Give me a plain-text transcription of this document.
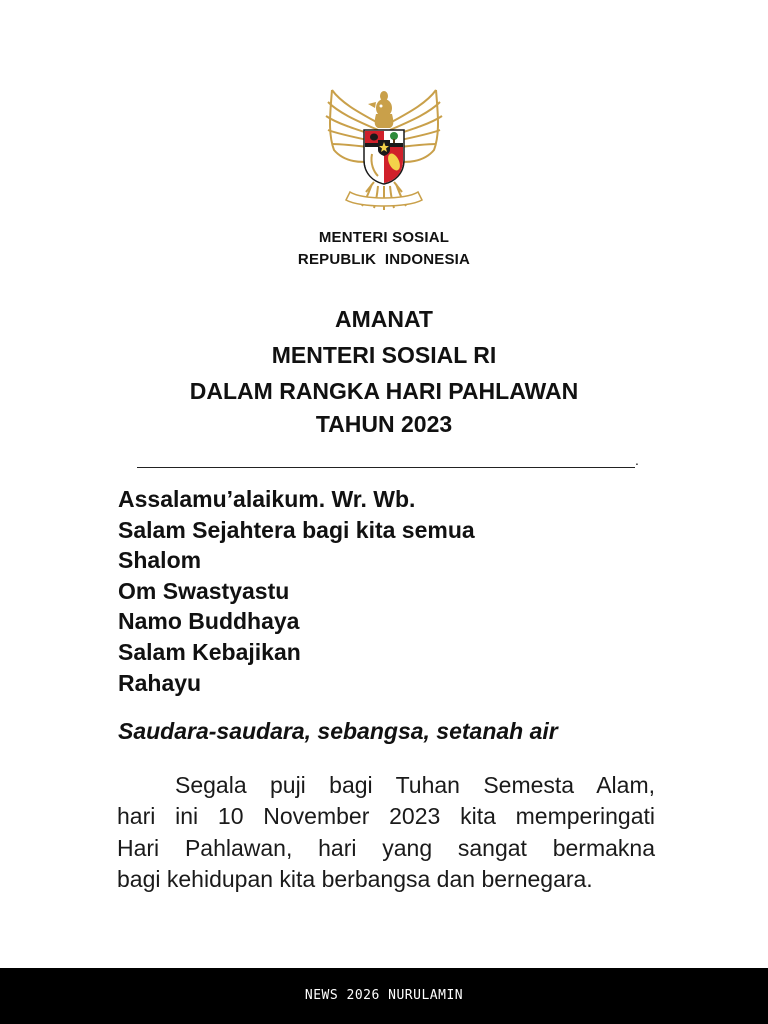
MENTERI SOSIAL
REPUBLIK  INDONESIA
AMANAT
MENTERI SOSIAL RI
DALAM RANGKA HARI PAHLAWAN
TAHUN 2023
.
Assalamu’alaikum. Wr. Wb.
Salam Sejahtera bagi kita semua
Shalom
Om Swastyastu
Namo Buddhaya
Salam Kebajikan
Rahayu
Saudara-saudara, sebangsa, setanah air
Segala puji bagi Tuhan Semesta Alam,
hari ini 10 November 2023 kita memperingati
Hari Pahlawan, hari yang sangat bermakna
bagi kehidupan kita berbangsa dan bernegara.
NEWS 2026 NURULAMIN
